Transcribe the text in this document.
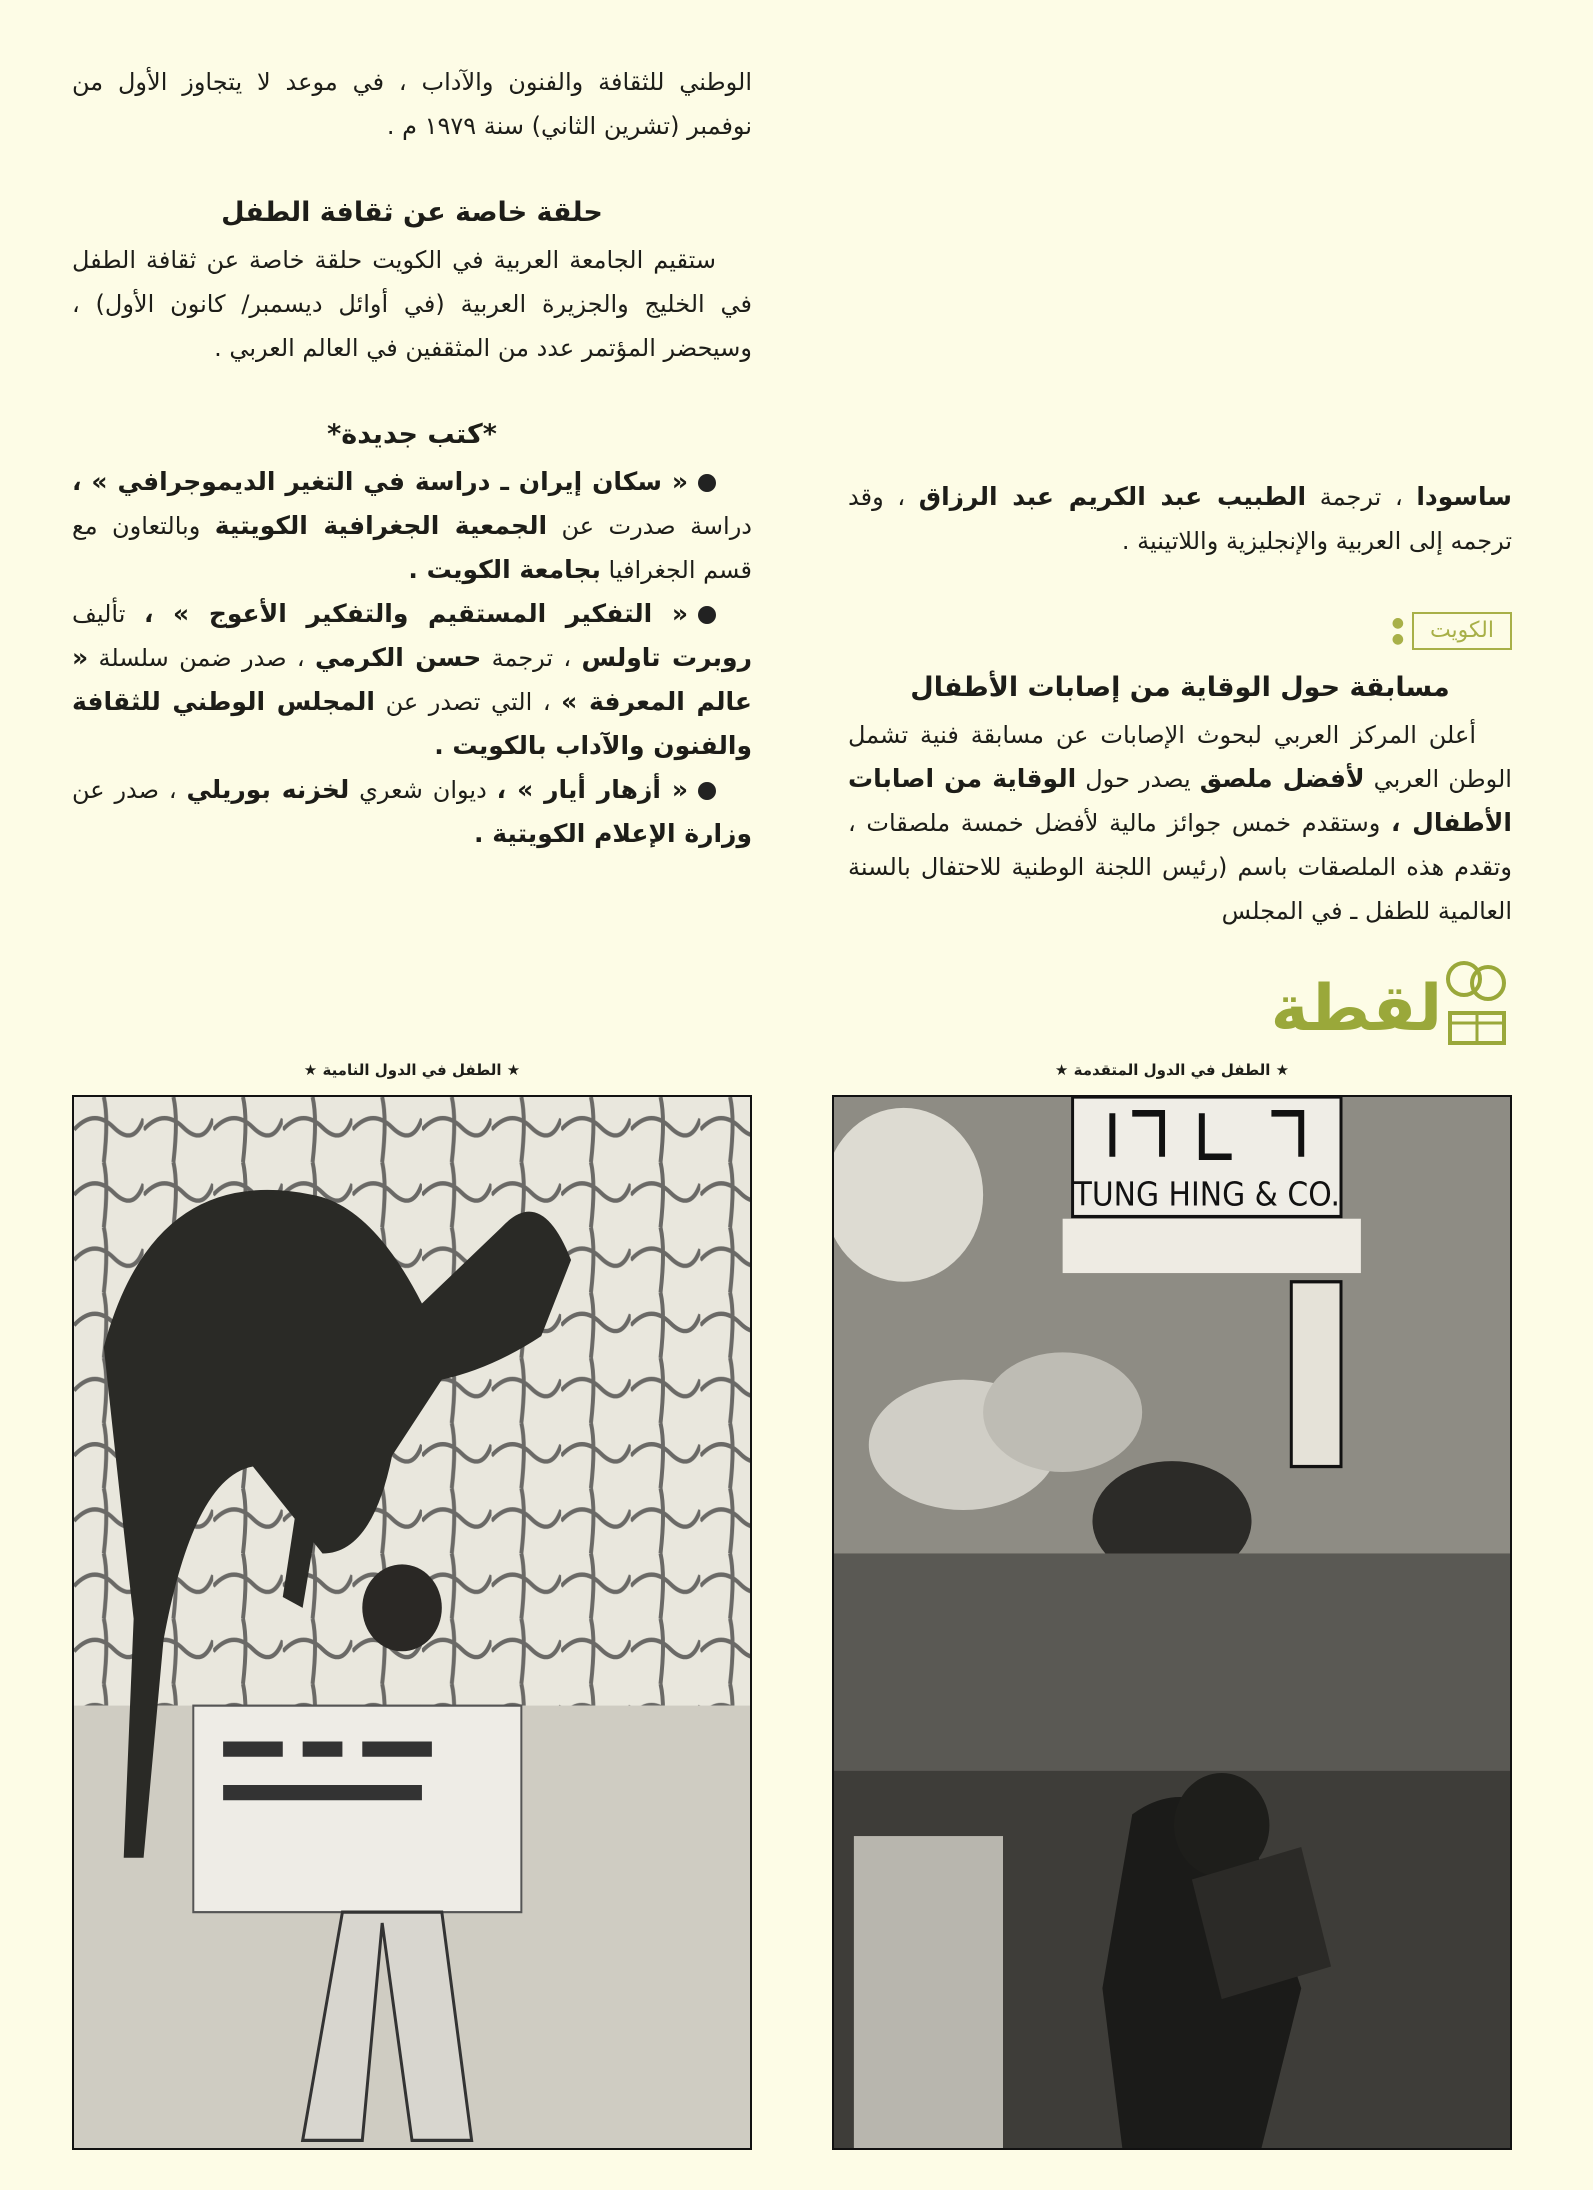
الوطني للثقافة والفنون والآداب ، في موعد لا يتجاوز الأول من نوفمبر (تشرين الثاني) سنة ١٩٧٩ م .

حلقة خاصة عن ثقافة الطفل

ستقيم الجامعة العربية في الكويت حلقة خاصة عن ثقافة الطفل في الخليج والجزيرة العربية (في أوائل ديسمبر/ كانون الأول) ، وسيحضر المؤتمر عدد من المثقفين في العالم العربي .

*كتب جديدة*

« سكان إيران ـ دراسة في التغير الديموجرافي » ، دراسة صدرت عن الجمعية الجغرافية الكويتية وبالتعاون مع قسم الجغرافيا بجامعة الكويت .

« التفكير المستقيم والتفكير الأعوج » ، تأليف روبرت تاولس ، ترجمة حسن الكرمي ، صدر ضمن سلسلة « عالم المعرفة » ، التي تصدر عن المجلس الوطني للثقافة والفنون والآداب بالكويت .

« أزهار أيار » ، ديوان شعري لخزنه بوريلي ، صدر عن وزارة الإعلام الكويتية .

ساسودا ، ترجمة الطبيب عبد الكريم عبد الرزاق ، وقد ترجمه إلى العربية والإنجليزية واللاتينية .

الكويت
●
●
مسابقة حول الوقاية من إصابات الأطفال

أعلن المركز العربي لبحوث الإصابات عن مسابقة فنية تشمل الوطن العربي لأفضل ملصق يصدر حول الوقاية من اصابات الأطفال ، وستقدم خمس جوائز مالية لأفضل خمسة ملصقات ، وتقدم هذه الملصقات باسم (رئيس اللجنة الوطنية للاحتفال بالسنة العالمية للطفل ـ في المجلس

لقطة
★ الطفل في الدول النامية ★	★ الطفل في الدول المتقدمة ★
TUNG HING & CO.
